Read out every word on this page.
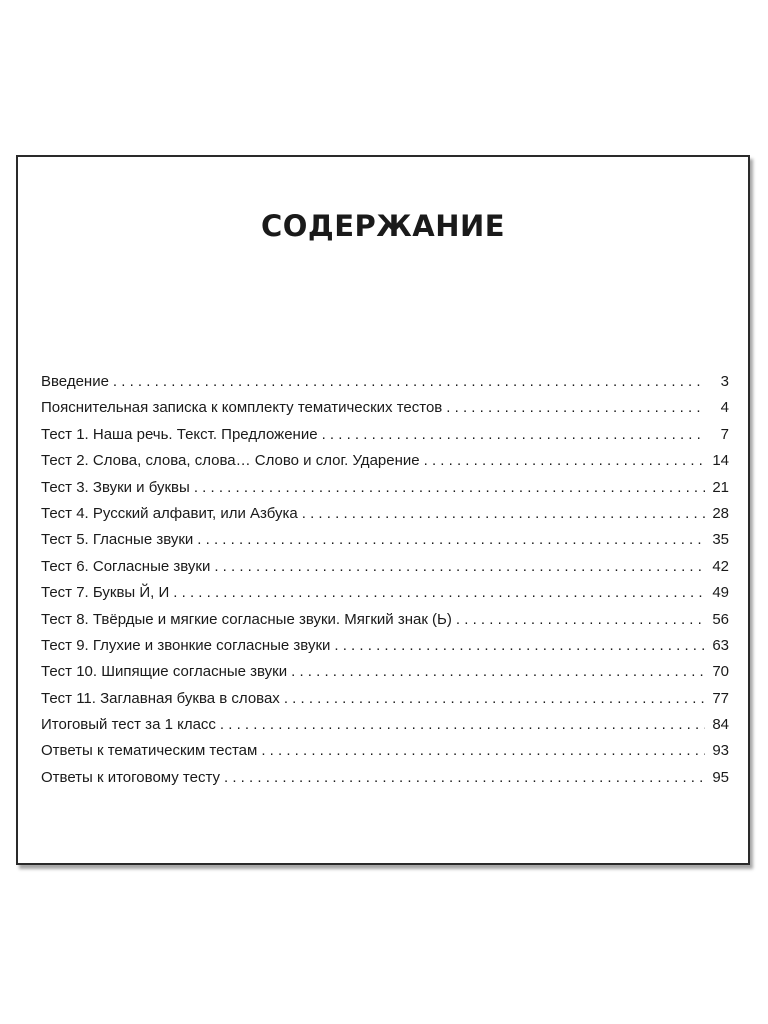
СОДЕРЖАНИЕ
Введение . . .	3
Пояснительная записка к комплекту тематических тестов . . .	4
Тест 1. Наша речь. Текст. Предложение . . .	7
Тест 2. Слова, слова, слова… Слово и слог. Ударение . . .	14
Тест 3. Звуки и буквы . . .	21
Тест 4. Русский алфавит, или Азбука . . .	28
Тест 5. Гласные звуки . . .	35
Тест 6. Согласные звуки . . .	42
Тест 7. Буквы Й, И . . .	49
Тест 8. Твёрдые и мягкие согласные звуки. Мягкий знак (Ь) . . .	56
Тест 9. Глухие и звонкие согласные звуки . . .	63
Тест 10. Шипящие согласные звуки . . .	70
Тест 11. Заглавная буква в словах . . .	77
Итоговый тест за 1 класс . . .	84
Ответы к тематическим тестам . . .	93
Ответы к итоговому тесту . . .	95
